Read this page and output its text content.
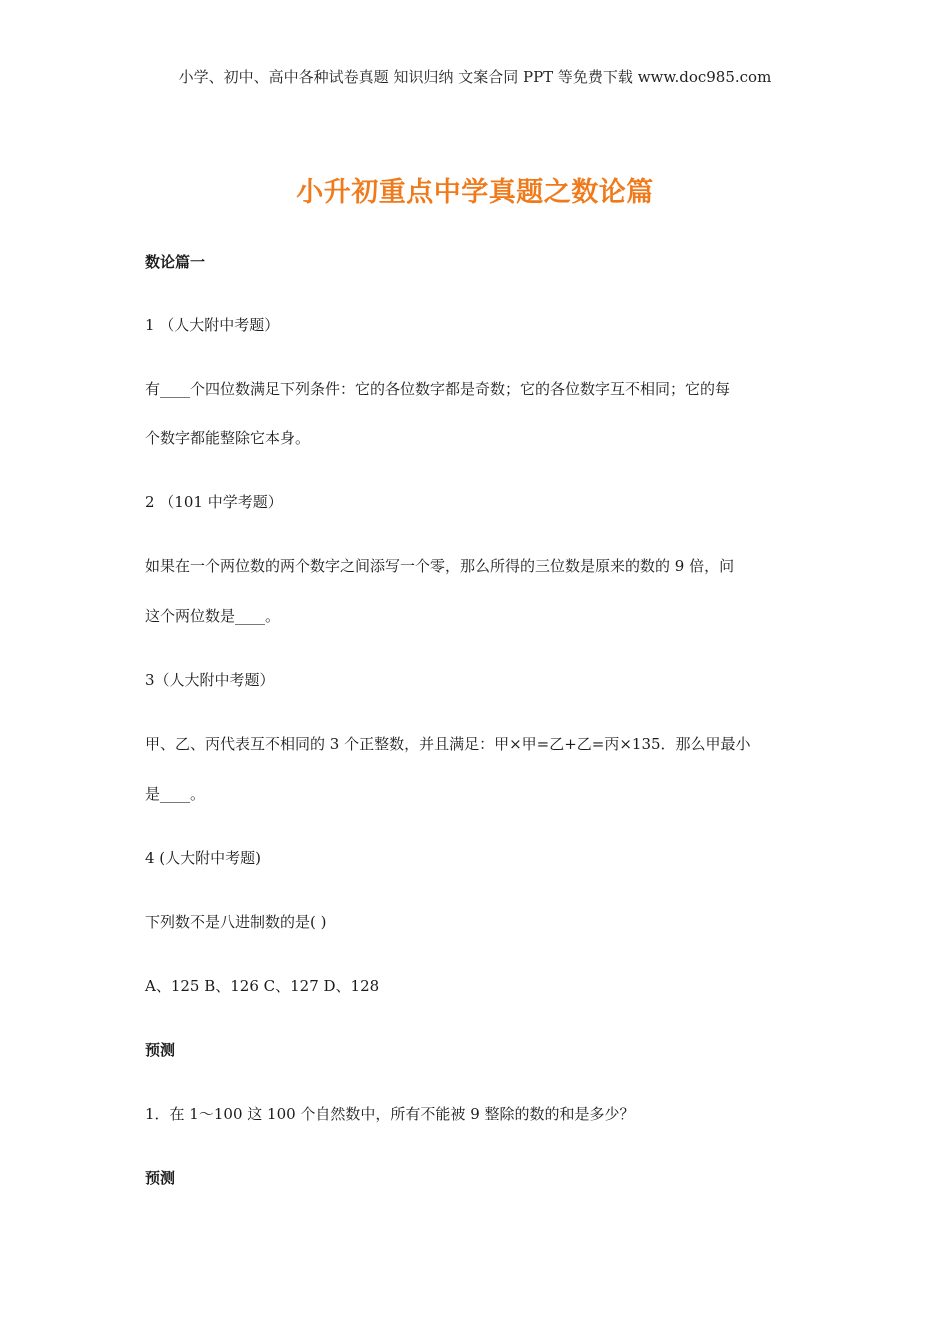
小学、初中、高中各种试卷真题 知识归纳 文案合同 PPT 等免费下载 www.doc985.com
小升初重点中学真题之数论篇
数论篇一
1 （人大附中考题）
有____个四位数满足下列条件：它的各位数字都是奇数；它的各位数字互不相同；它的每
个数字都能整除它本身。
2 （101 中学考题）
如果在一个两位数的两个数字之间添写一个零，那么所得的三位数是原来的数的 9 倍，问
这个两位数是____。
3（人大附中考题）
甲、乙、丙代表互不相同的 3 个正整数，并且满足：甲×甲=乙+乙=丙×135．那么甲最小
是____。
4 (人大附中考题)
下列数不是八进制数的是( )
A、125 B、126 C、127 D、128
预测
1．在 1～100 这 100 个自然数中，所有不能被 9 整除的数的和是多少？
预测
